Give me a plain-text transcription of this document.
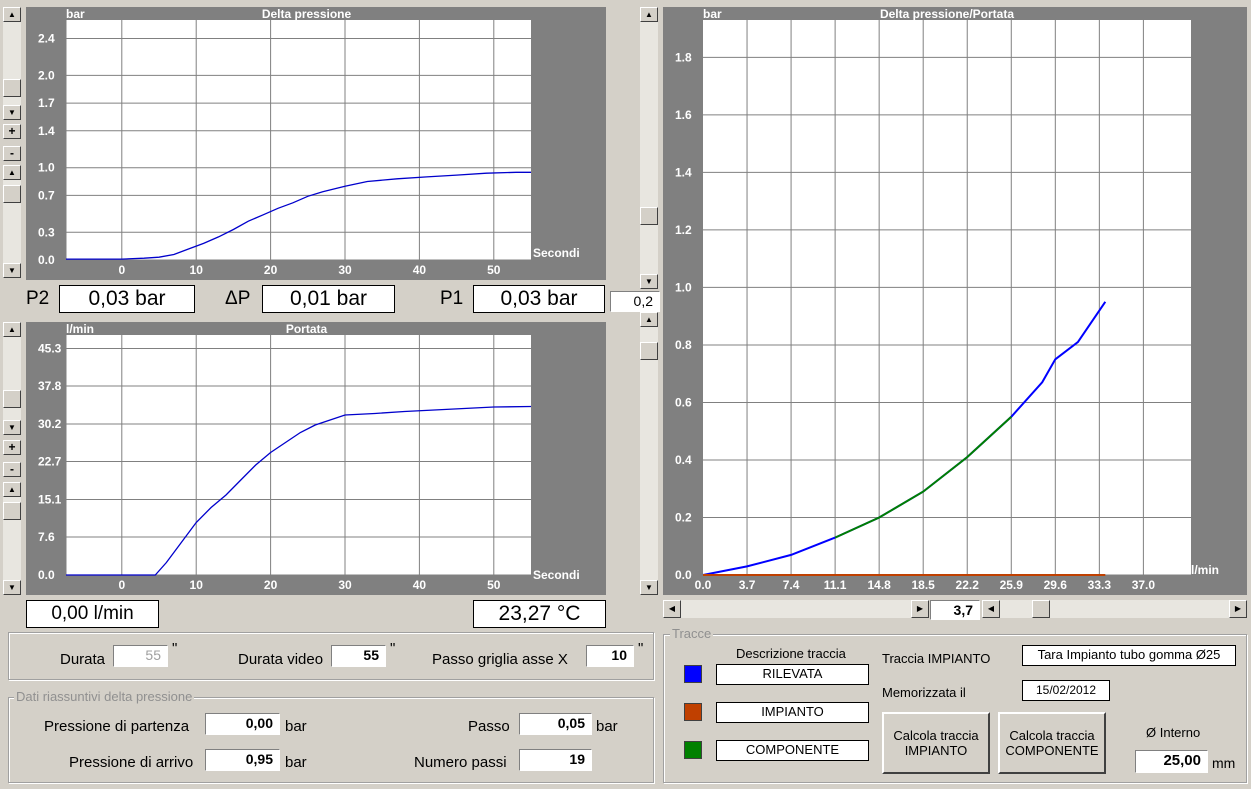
0	10	20	30	40	50
0.0
0.3
0.7
1.0
1.4
1.7
2.0
2.4
Delta pressione
bar
Secondi
▲
▼
+
-
▲
▼
P2	0,03 bar	ΔP	0,01 bar	P1	0,03 bar	0,2
0	10	20	30	40	50
0.0
7.6
15.1
22.7
30.2
37.8
45.3
Portata
l/min
Secondi
▲
▼
+
-
▲
▼
0,00 l/min	23,27 °C
▲
▼
▲
▼	0.0 3.7 7.4 11.1 14.8 18.5 22.2 25.9 29.6 33.3 37.0
0.0
0.2
0.4
0.6
0.8
1.0
1.2
1.4
1.6
1.8
Delta pressione/Portata
bar
l/min
◀	▶	3,7	◀	▶
Durata	55 "
Durata video	55 "
Passo griglia asse X	10 "
Dati riassuntivi delta pressione
Pressione di partenza	0,00 bar
Pressione di arrivo	0,95 bar
Passo	0,05 bar
Numero passi	19
Tracce
Descrizione traccia
RILEVATA
IMPIANTO
COMPONENTE
Traccia IMPIANTO	Tara Impianto tubo gomma Ø25
Memorizzata il	15/02/2012
Calcola traccia IMPIANTO
Calcola traccia COMPONENTE
Ø Interno
25,00 mm
